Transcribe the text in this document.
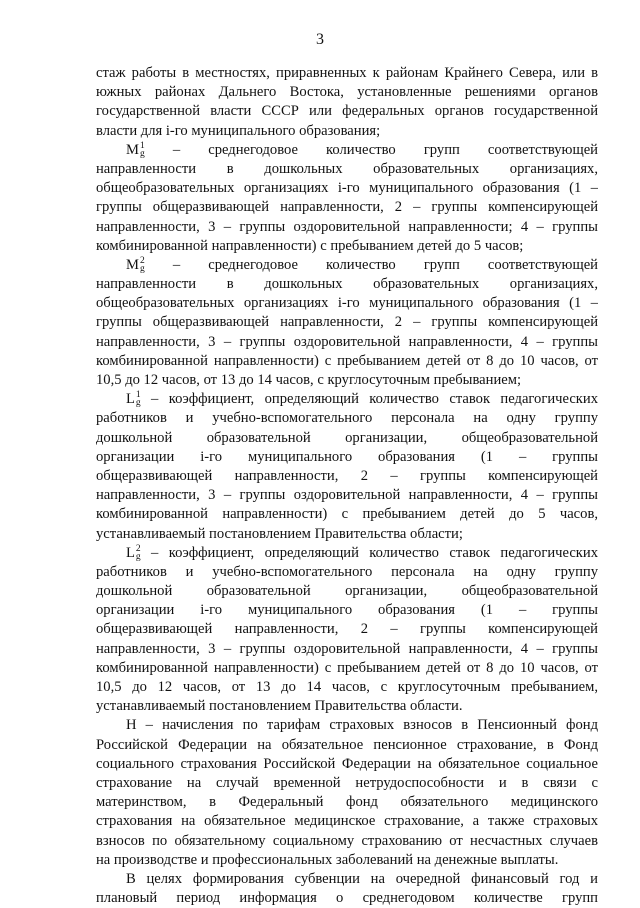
3
стаж работы в местностях, приравненных к районам Крайнего Севера, или в
южных районах Дальнего Востока, установленные решениями органов
государственной власти СССР или федеральных органов государственной
власти для i-го муниципального образования;
M 1
g – среднегодовое количество групп соответствующей
направленности в дошкольных образовательных организациях,
общеобразовательных организациях i-го муниципального образования (1 –
группы общеразвивающей направленности, 2 – группы компенсирующей
направленности, 3 – группы оздоровительной направленности; 4 – группы
комбинированной направленности) с пребыванием детей до 5 часов;
M 2
g – среднегодовое количество групп соответствующей
направленности в дошкольных образовательных организациях,
общеобразовательных организациях i-го муниципального образования (1 –
группы общеразвивающей направленности, 2 – группы компенсирующей
направленности, 3 – группы оздоровительной направленности, 4 – группы
комбинированной направленности) с пребыванием детей от 8 до 10 часов, от
10,5 до 12 часов, от 13 до 14 часов, с круглосуточным пребыванием;
L 1
g – коэффициент, определяющий количество ставок педагогических
работников и учебно-вспомогательного персонала на одну группу
дошкольной образовательной организации, общеобразовательной
организации i-го муниципального образования (1 – группы
общеразвивающей направленности, 2 – группы компенсирующей
направленности, 3 – группы оздоровительной направленности, 4 – группы
комбинированной направленности) с пребыванием детей до 5 часов,
устанавливаемый постановлением Правительства области;
L 2
g – коэффициент, определяющий количество ставок педагогических
работников и учебно-вспомогательного персонала на одну группу
дошкольной образовательной организации, общеобразовательной
организации i-го муниципального образования (1 – группы
общеразвивающей направленности, 2 – группы компенсирующей
направленности, 3 – группы оздоровительной направленности, 4 – группы
комбинированной направленности) с пребыванием детей от 8 до 10 часов, от
10,5 до 12 часов, от 13 до 14 часов, с круглосуточным пребыванием,
устанавливаемый постановлением Правительства области.
Н – начисления по тарифам страховых взносов в Пенсионный фонд
Российской Федерации на обязательное пенсионное страхование, в Фонд
социального страхования Российской Федерации на обязательное социальное
страхование на случай временной нетрудоспособности и в связи с
материнством, в Федеральный фонд обязательного медицинского
страхования на обязательное медицинское страхование, а также страховых
взносов по обязательному социальному страхованию от несчастных случаев
на производстве и профессиональных заболеваний на денежные выплаты.
В целях формирования субвенции на очередной финансовый год и
плановый период информация о среднегодовом количестве групп
